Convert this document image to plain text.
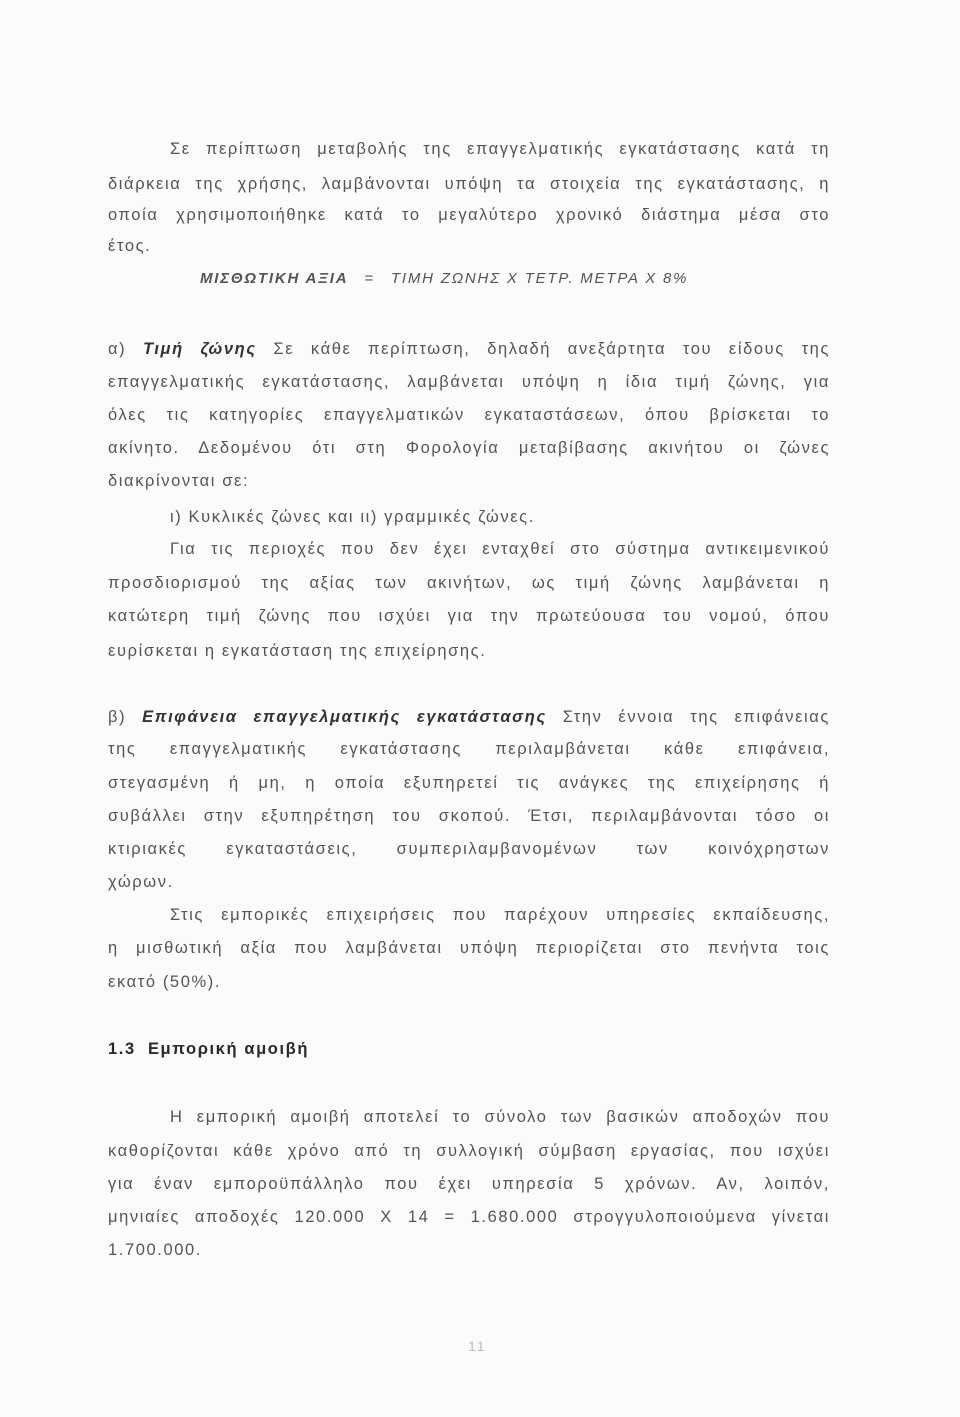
Σε περίπτωση μεταβολής της επαγγελματικής εγκατάστασης κατά τη
διάρκεια της χρήσης, λαμβάνονται υπόψη τα στοιχεία της εγκατάστασης, η
οποία χρησιμοποιήθηκε κατά το μεγαλύτερο χρονικό διάστημα μέσα στο
έτος.
ΜΙΣΘΩΤΙΚΗ ΑΞΙΑ = ΤΙΜΗ ΖΩΝΗΣ Χ ΤΕΤΡ. ΜΕΤΡΑ Χ 8%
α) Τιμή ζώνης Σε κάθε περίπτωση, δηλαδή ανεξάρτητα του είδους της
επαγγελματικής εγκατάστασης, λαμβάνεται υπόψη η ίδια τιμή ζώνης, για
όλες τις κατηγορίες επαγγελματικών εγκαταστάσεων, όπου βρίσκεται το
ακίνητο. Δεδομένου ότι στη Φορολογία μεταβίβασης ακινήτου οι ζώνες
διακρίνονται σε:
ι) Κυκλικές ζώνες και ιι) γραμμικές ζώνες.
Για τις περιοχές που δεν έχει ενταχθεί στο σύστημα αντικειμενικού
προσδιορισμού της αξίας των ακινήτων, ως τιμή ζώνης λαμβάνεται η
κατώτερη τιμή ζώνης που ισχύει για την πρωτεύουσα του νομού, όπου
ευρίσκεται η εγκατάσταση της επιχείρησης.
β) Επιφάνεια επαγγελματικής εγκατάστασης Στην έννοια της επιφάνειας
της επαγγελματικής εγκατάστασης περιλαμβάνεται κάθε επιφάνεια,
στεγασμένη ή μη, η οποία εξυπηρετεί τις ανάγκες της επιχείρησης ή
συβάλλει στην εξυπηρέτηση του σκοπού. Έτσι, περιλαμβάνονται τόσο οι
κτιριακές εγκαταστάσεις, συμπεριλαμβανομένων των κοινόχρηστων
χώρων.
Στις εμπορικές επιχειρήσεις που παρέχουν υπηρεσίες εκπαίδευσης,
η μισθωτική αξία που λαμβάνεται υπόψη περιορίζεται στο πενήντα τοις
εκατό (50%).
1.3 Εμπορική αμοιβή
Η εμπορική αμοιβή αποτελεί το σύνολο των βασικών αποδοχών που
καθορίζονται κάθε χρόνο από τη συλλογική σύμβαση εργασίας, που ισχύει
για έναν εμποροϋπάλληλο που έχει υπηρεσία 5 χρόνων. Αν, λοιπόν,
μηνιαίες αποδοχές 120.000 Χ 14 = 1.680.000 στρογγυλοποιούμενα γίνεται
1.700.000.
11
